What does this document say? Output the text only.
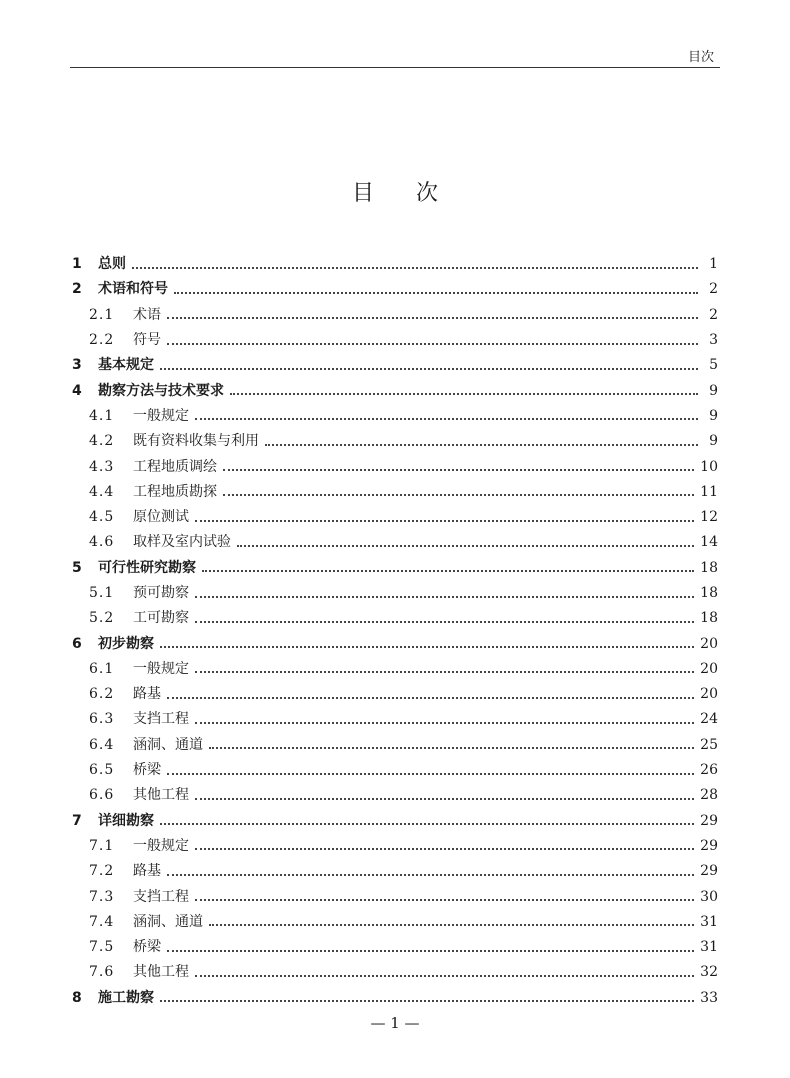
目次
目次
1	总则	1
2	术语和符号	2
2.1	术语	2
2.2	符号	3
3	基本规定	5
4	勘察方法与技术要求	9
4.1	一般规定	9
4.2	既有资料收集与利用	9
4.3	工程地质调绘	10
4.4	工程地质勘探	11
4.5	原位测试	12
4.6	取样及室内试验	14
5	可行性研究勘察	18
5.1	预可勘察	18
5.2	工可勘察	18
6	初步勘察	20
6.1	一般规定	20
6.2	路基	20
6.3	支挡工程	24
6.4	涵洞、通道	25
6.5	桥梁	26
6.6	其他工程	28
7	详细勘察	29
7.1	一般规定	29
7.2	路基	29
7.3	支挡工程	30
7.4	涵洞、通道	31
7.5	桥梁	31
7.6	其他工程	32
8	施工勘察	33
— 1 —
